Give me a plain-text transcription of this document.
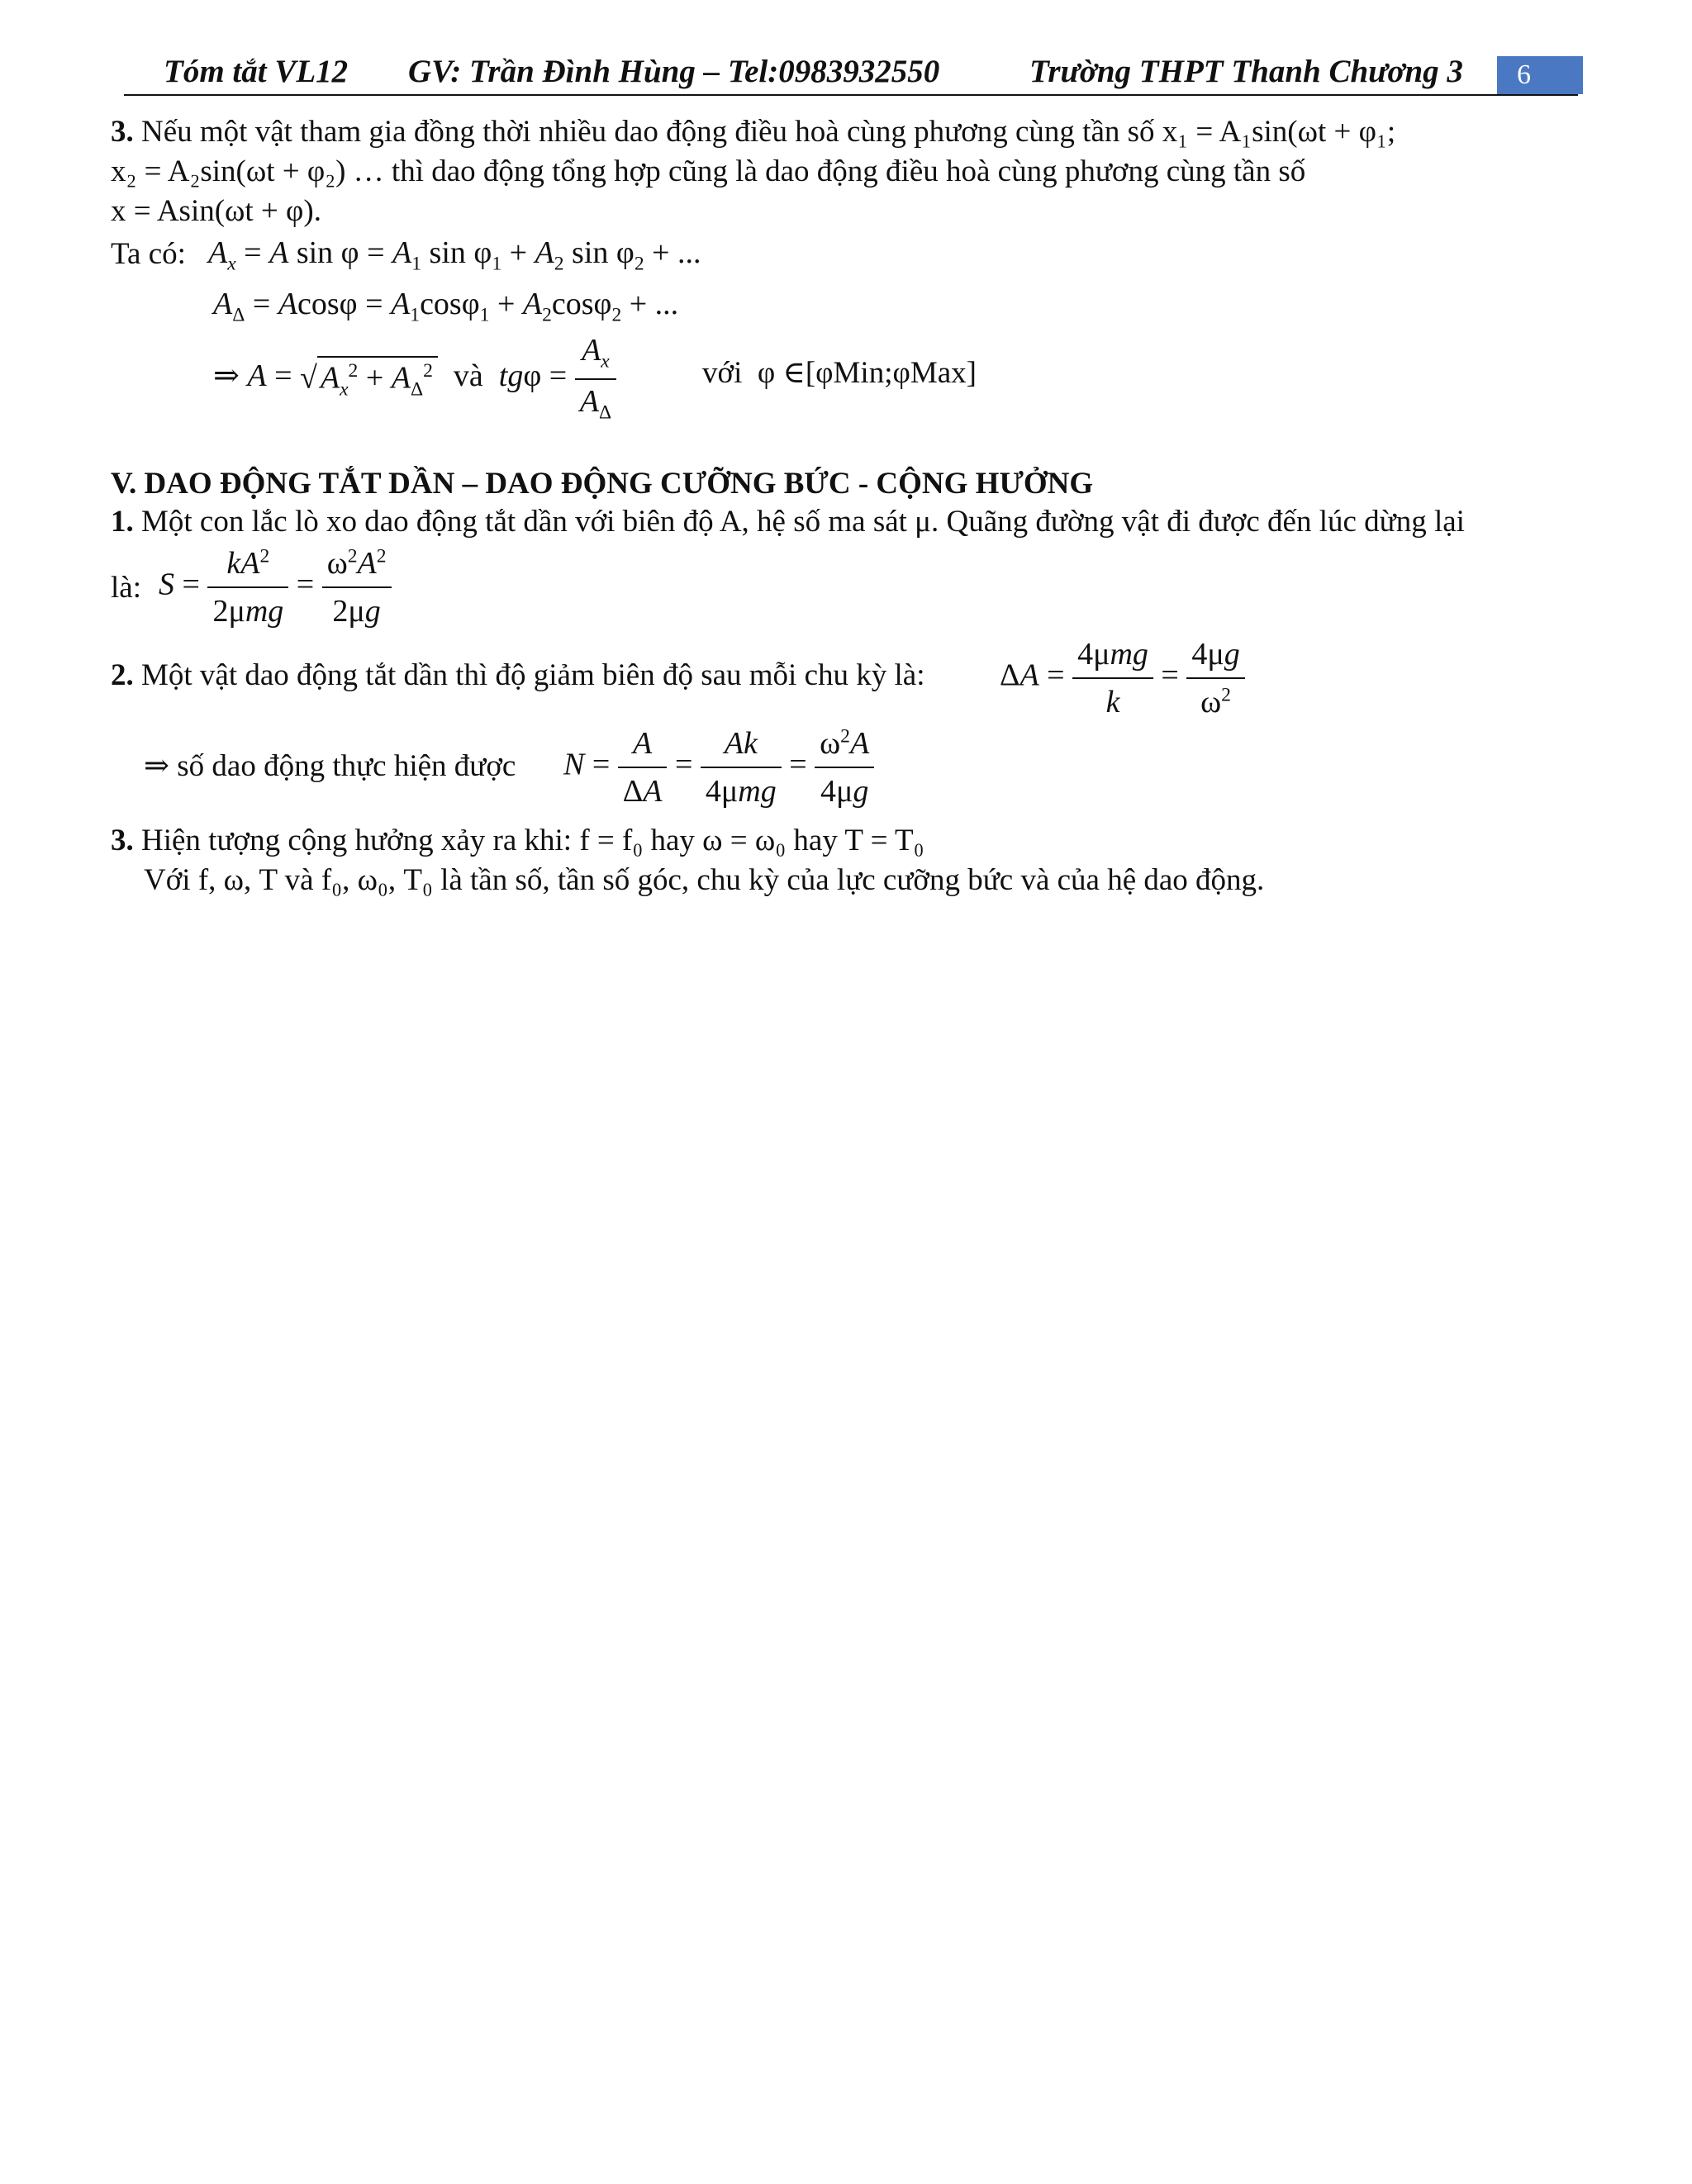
Tóm tắt VL12 GV: Trần Đình Hùng – Tel:0983932550	Trường THPT Thanh Chương 3	6
3. Nếu một vật tham gia đồng thời nhiều dao động điều hoà cùng phương cùng tần số x₁ = A₁sin(ωt + φ₁;
x₂ = A₂sin(ωt + φ₂) … thì dao động tổng hợp cũng là dao động điều hoà cùng phương cùng tần số
x = Asin(ωt + φ).
Ta có: $A_x = A$ $\sin \varphi = A_1$ $\sin \varphi_1 + A_2$ $\sin \varphi_2$ + ...
$A_\Delta = Acos\varphi = A_1\cos\varphi_1 + A_2\cos\varphi_2$ + ...
⇒ A = √ $A_x^2 + A_\Delta^2$ và $tg\varphi = \frac{A_x}{A_\Delta}$	với φ ∈[φMin;φMax]
V. DAO ĐỘNG TẮT DẦN – DAO ĐỘNG CƯỠNG BỨC - CỘNG HƯỞNG
1. Một con lắc lò xo dao động tắt dần với biên độ A, hệ số ma sát μ. Quãng đường vật đi được đến lúc dừng lại
là: $S = \frac{kA^2}{\text{2μmg}} = \frac{\omega^2A^2}{2\mu g}$
2. Một vật dao động tắt dần thì độ giảm biên độ sau mỗi chu kỳ là: $\Delta A = \frac{\text{4μmg}}{k} = \frac{4\mu g}{\omega^2}$
⇒ số dao động thực hiện được $N = \frac{A}{\Delta A} = \frac{Ak}{\text{4μmg}} = \frac{\omega^2A}{4\mu g}$
3. Hiện tượng cộng hưởng xảy ra khi: f = f₀ hay ω = ω₀ hay T = T₀
Với f, ω, T và f₀, ω₀, T₀ là tần số, tần số góc, chu kỳ của lực cưỡng bức và của hệ dao động.
